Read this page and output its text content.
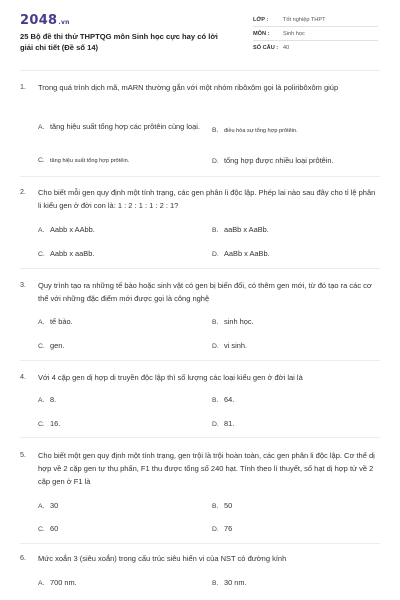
2048.vn
25 Bộ đề thi thử THPTQG môn Sinh học cực hay có lời giải chi tiết (Đề số 14)
LỚP :	Tốt nghiệp THPT
MÔN : Sinh học
SỐ CÂU : 40
1. Trong quá trình dịch mã, mARN thường gắn với một nhóm ribôxôm gọi là poliribôxôm giúp
A. tăng hiệu suất tổng hợp các prôtêin cùng loại.	B. điều hòa sự tổng hợp prôtêin.
C. tăng hiệu suất tổng hợp prôtêin.	D. tổng hợp được nhiều loại prôtêin.
2. Cho biết mỗi gen quy định một tính trạng, các gen phân li độc lập. Phép lai nào sau đây cho tỉ lệ phân li kiểu gen ở đời con là: 1 : 2 : 1 : 1 : 2 : 1?
A. Aabb x AAbb.	B. aaBb x AaBb.
C. Aabb x aaBb.	D. AaBb x AaBb.
3. Quy trình tạo ra những tế bào hoặc sinh vật có gen bị biến đổi, có thêm gen mới, từ đó tạo ra các cơ thể với những đặc điểm mới được gọi là công nghệ
A. tế bào.	B. sinh học.
C. gen.	D. vi sinh.
4. Với 4 cặp gen dị hợp di truyền độc lập thì số lượng các loại kiểu gen ở đời lai là
A. 8.	B. 64.
C. 16.	D. 81.
5. Cho biết một gen quy định một tính trạng, gen trội là trội hoàn toàn, các gen phân li độc lập. Cơ thể dị hợp về 2 cặp gen tự thụ phấn, F1 thu được tổng số 240 hạt. Tính theo lí thuyết, số hạt dị hợp tử về 2 cặp gen ở F1 là
A. 30	B. 50
C. 60	D. 76
6. Mức xoắn 3 (siêu xoắn) trong cấu trúc siêu hiển vi của NST có đường kính
A. 700 nm.	B. 30 nm.
